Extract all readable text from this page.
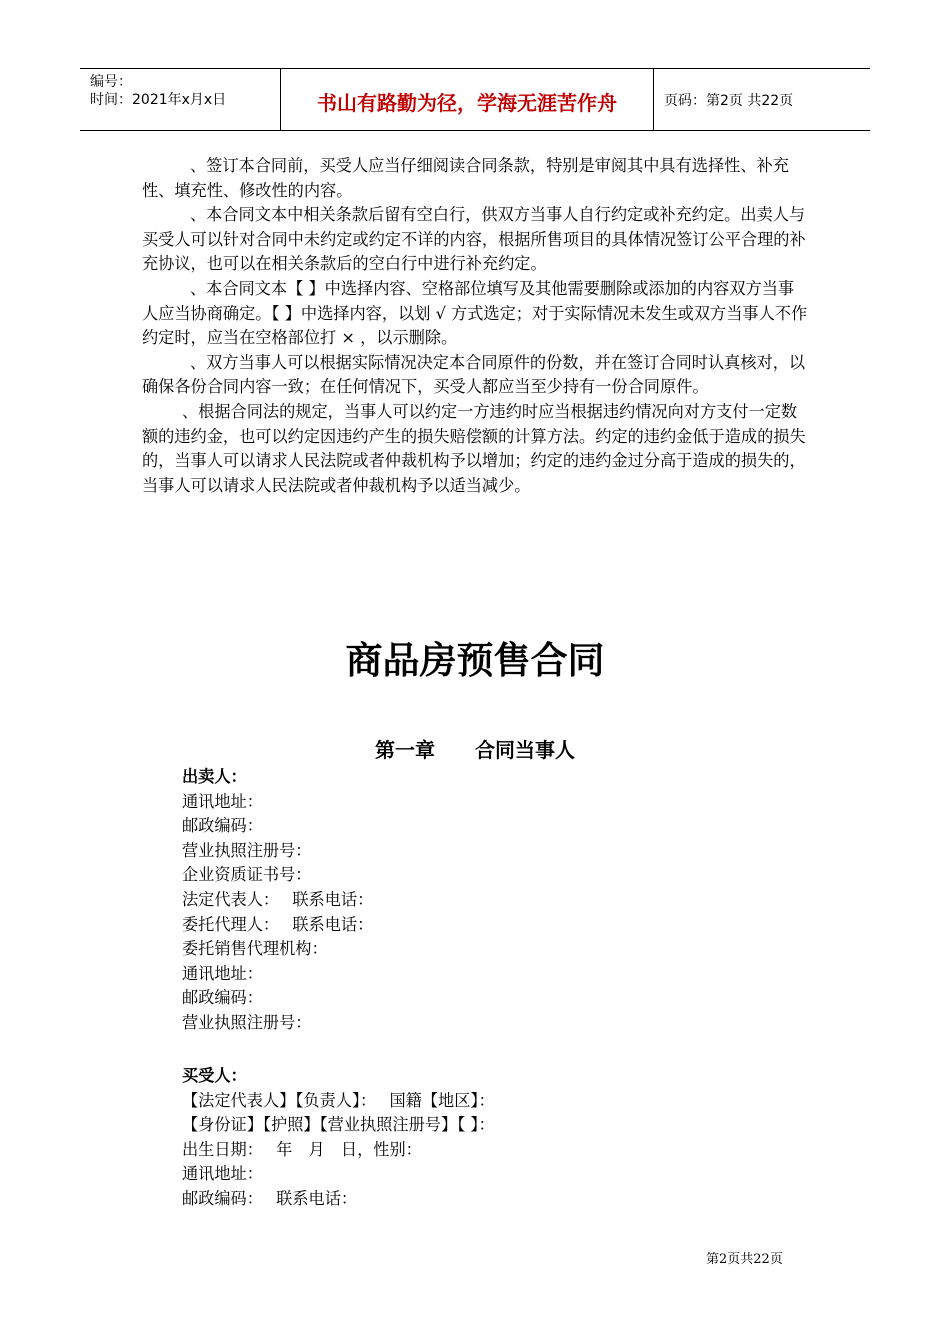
编号：
时间：2021年x月x日	书山有路勤为径，学海无涯苦作舟	页码：第2页 共22页

、签订本合同前，买受人应当仔细阅读合同条款，特别是审阅其中具有选择性、补充性、填充性、修改性的内容。

、本合同文本中相关条款后留有空白行，供双方当事人自行约定或补充约定。出卖人与买受人可以针对合同中未约定或约定不详的内容，根据所售项目的具体情况签订公平合理的补充协议，也可以在相关条款后的空白行中进行补充约定。

、本合同文本【 】中选择内容、空格部位填写及其他需要删除或添加的内容双方当事人应当协商确定。【 】中选择内容，以划 √ 方式选定；对于实际情况未发生或双方当事人不作约定时，应当在空格部位打 × ，以示删除。

、双方当事人可以根据实际情况决定本合同原件的份数，并在签订合同时认真核对，以确保各份合同内容一致；在任何情况下，买受人都应当至少持有一份合同原件。

、根据合同法的规定，当事人可以约定一方违约时应当根据违约情况向对方支付一定数额的违约金，也可以约定因违约产生的损失赔偿额的计算方法。约定的违约金低于造成的损失的，当事人可以请求人民法院或者仲裁机构予以增加；约定的违约金过分高于造成的损失的，当事人可以请求人民法院或者仲裁机构予以适当减少。

商品房预售合同
第一章　　合同当事人
出卖人：
通讯地址：
邮政编码：
营业执照注册号：
企业资质证书号：
法定代表人：　 联系电话：
委托代理人：　 联系电话：
委托销售代理机构：
通讯地址：
邮政编码：
营业执照注册号：
买受人：
【法定代表人】【负责人】：　 国籍【地区】：
【身份证】【护照】【营业执照注册号】【 】：
出生日期：　 年　月　日，性别：
通讯地址：
邮政编码：　 联系电话：
第2页共22页
